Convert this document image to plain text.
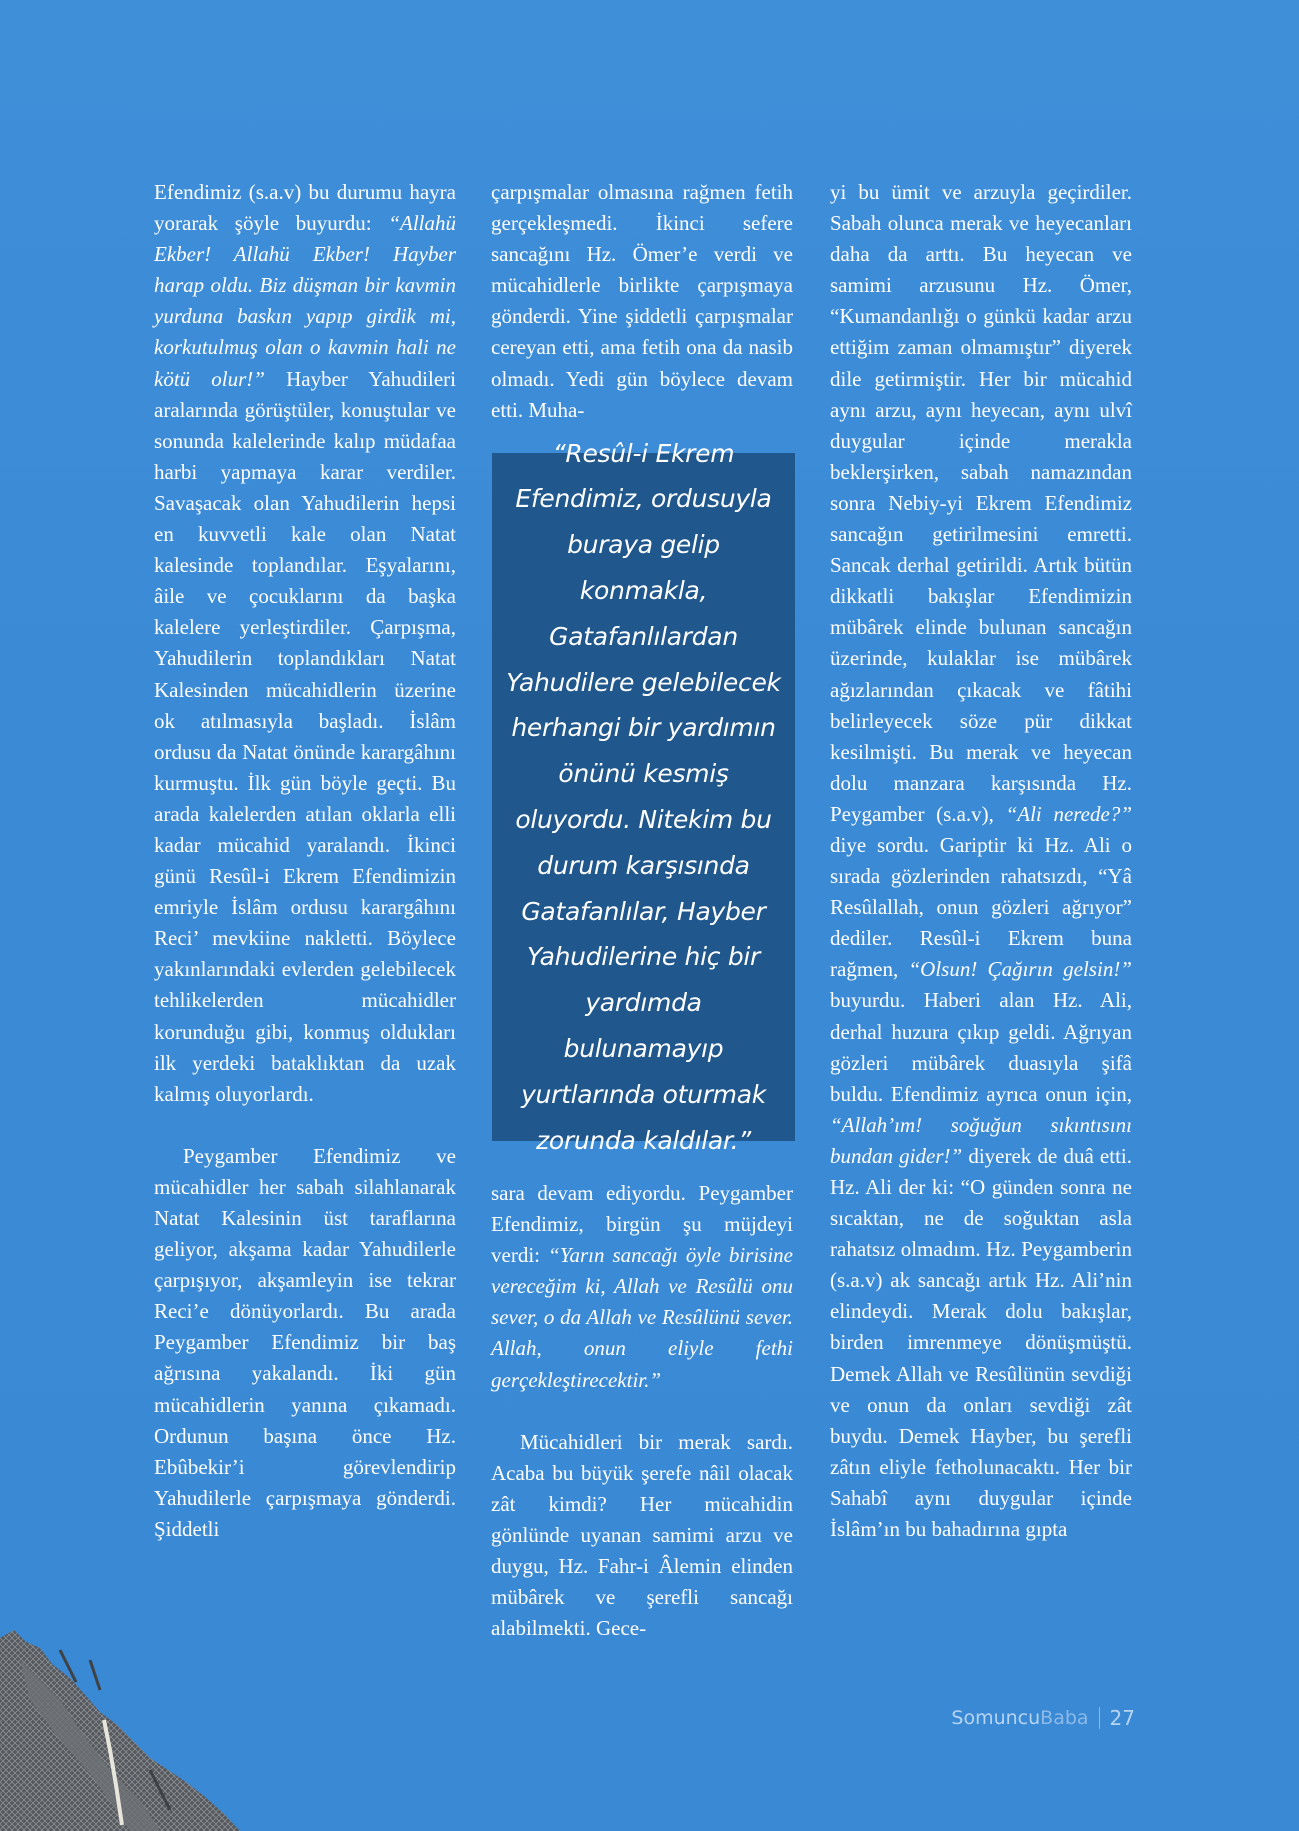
Efendimiz (s.a.v) bu durumu hayra yorarak şöyle buyurdu: “Allahü Ekber! Allahü Ekber! Hayber harap oldu. Biz düşman bir kavmin yurduna baskın yapıp girdik mi, korkutulmuş olan o kavmin hali ne kötü olur!” Hayber Yahudileri aralarında görüştüler, konuştular ve sonunda kalelerinde kalıp müdafaa harbi yapmaya karar verdiler. Savaşacak olan Yahudilerin hepsi en kuvvetli kale olan Natat kalesinde toplandılar. Eşyalarını, âile ve çocuklarını da başka kalelere yerleştirdiler. Çarpışma, Yahudilerin toplandıkları Natat Kalesinden mücahidlerin üzerine ok atılmasıyla başladı. İslâm ordusu da Natat önünde karargâhını kurmuştu. İlk gün böyle geçti. Bu arada kalelerden atılan oklarla elli kadar mücahid yaralandı. İkinci günü Resûl-i Ekrem Efendimizin emriyle İslâm ordusu karargâhını Reci’ mevkiine nakletti. Böylece yakınlarındaki evlerden gelebilecek tehlikelerden mücahidler korunduğu gibi, konmuş oldukları ilk yerdeki bataklıktan da uzak kalmış oluyorlardı.

Peygamber Efendimiz ve mücahidler her sabah silahlanarak Natat Kalesinin üst taraflarına geliyor, akşama kadar Yahudilerle çarpışıyor, akşamleyin ise tekrar Reci’e dönüyorlardı. Bu arada Peygamber Efendimiz bir baş ağrısına yakalandı. İki gün mücahidlerin yanına çıkamadı. Ordunun başına önce Hz. Ebûbekir’i görevlendirip Yahudilerle çarpışmaya gönderdi. Şiddetli

çarpışmalar olmasına rağmen fetih gerçekleşmedi. İkinci sefere sancağını Hz. Ömer’e verdi ve mücahidlerle birlikte çarpışmaya gönderdi. Yine şiddetli çarpışmalar cereyan etti, ama fetih ona da nasib olmadı. Yedi gün böylece devam etti. Muha-

“Resûl-i Ekrem Efendimiz, ordusuyla buraya gelip konmakla, Gatafanlılardan Yahudilere gelebilecek herhangi bir yardımın önünü kesmiş oluyordu. Nitekim bu durum karşısında Gatafanlılar, Hayber Yahudilerine hiç bir yardımda bulunamayıp yurtlarında oturmak zorunda kaldılar.”

sara devam ediyordu. Peygamber Efendimiz, birgün şu müjdeyi verdi: “Yarın sancağı öyle birisine vereceğim ki, Allah ve Resûlü onu sever, o da Allah ve Resûlünü sever. Allah, onun eliyle fethi gerçekleştirecektir.”

Mücahidleri bir merak sardı. Acaba bu büyük şerefe nâil olacak zât kimdi? Her mücahidin gönlünde uyanan samimi arzu ve duygu, Hz. Fahr-i Âlemin elinden mübârek ve şerefli sancağı alabilmekti. Gece-

yi bu ümit ve arzuyla geçirdiler. Sabah olunca merak ve heyecanları daha da arttı. Bu heyecan ve samimi arzusunu Hz. Ömer, “Kumandanlığı o günkü kadar arzu ettiğim zaman olmamıştır” diyerek dile getirmiştir. Her bir mücahid aynı arzu, aynı heyecan, aynı ulvî duygular içinde merakla beklerşirken, sabah namazından sonra Nebiy-yi Ekrem Efendimiz sancağın getirilmesini emretti. Sancak derhal getirildi. Artık bütün dikkatli bakışlar Efendimizin mübârek elinde bulunan sancağın üzerinde, kulaklar ise mübârek ağızlarından çıkacak ve fâtihi belirleyecek söze pür dikkat kesilmişti. Bu merak ve heyecan dolu manzara karşısında Hz. Peygamber (s.a.v), “Ali nerede?” diye sordu. Gariptir ki Hz. Ali o sırada gözlerinden rahatsızdı, “Yâ Resûlallah, onun gözleri ağrıyor” dediler. Resûl-i Ekrem buna rağmen, “Olsun! Çağırın gelsin!” buyurdu. Haberi alan Hz. Ali, derhal huzura çıkıp geldi. Ağrıyan gözleri mübârek duasıyla şifâ buldu. Efendimiz ayrıca onun için, “Allah’ım! soğuğun sıkıntısını bundan gider!” diyerek de duâ etti. Hz. Ali der ki: “O günden sonra ne sıcaktan, ne de soğuktan asla rahatsız olmadım. Hz. Peygamberin (s.a.v) ak sancağı artık Hz. Ali’nin elindeydi. Merak dolu bakışlar, birden imrenmeye dönüşmüştü. Demek Allah ve Resûlünün sevdiği ve onun da onları sevdiği zât buydu. Demek Hayber, bu şerefli zâtın eliyle fetholunacaktı. Her bir Sahabî aynı duygular içinde İslâm’ın bu bahadırına gıpta

Somuncu Baba 27
